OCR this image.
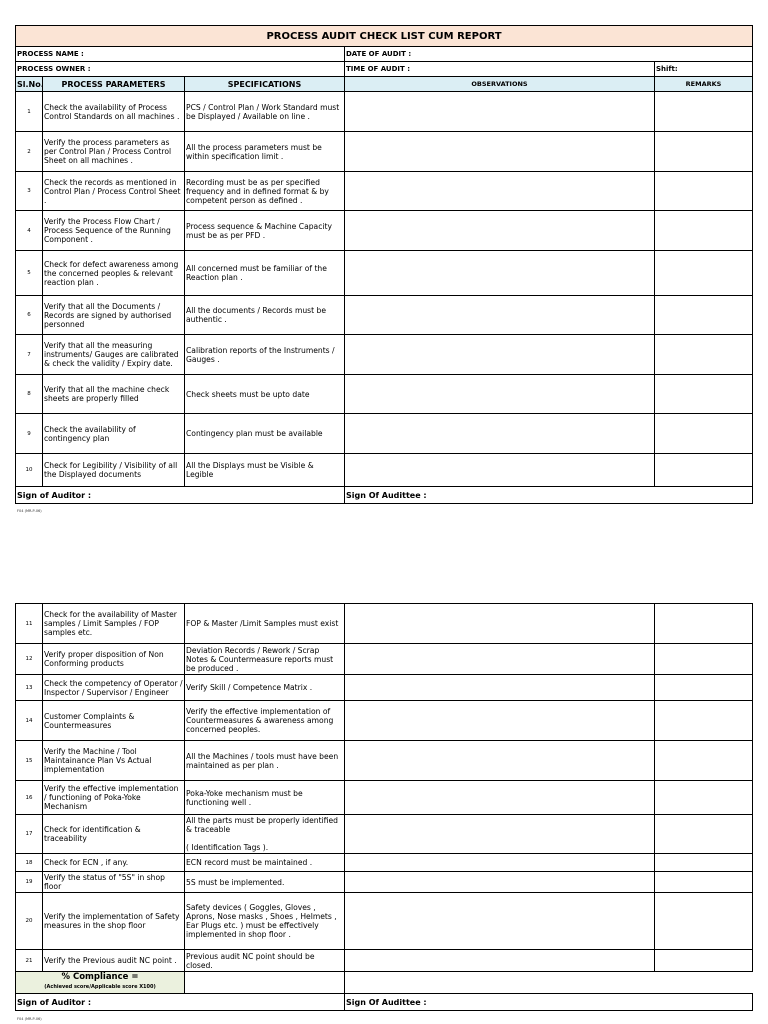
PROCESS AUDIT CHECK LIST CUM REPORT				
PROCESS NAME :			DATE OF AUDIT :	
PROCESS OWNER :			TIME OF AUDIT :	Shift:
Sl.No.	PROCESS PARAMETERS	SPECIFICATIONS	OBSERVATIONS	REMARKS
1	Check the availability of Process Control Standards on all machines .	PCS / Control Plan / Work Standard must be Displayed / Available on line .		
2	Verify the process parameters as per Control Plan / Process Control Sheet on all machines .	All the process parameters must be within specification limit .		
3	Check the records as mentioned in Control Plan / Process Control Sheet .	Recording must be as per specified frequency and in defined format & by competent person as defined .		
4	Verify the Process Flow Chart / Process Sequence of the Running Component .	Process sequence & Machine Capacity must be as per PFD .		
5	Check for defect awareness among the concerned peoples & relevant reaction plan .	All concerned must be familiar of the Reaction plan .		
6	Verify that all the Documents / Records are signed by authorised personned	All the documents / Records must be authentic .		
7	Verify that all the measuring instruments/ Gauges are calibrated & check the validity / Expiry date.	Calibration reports of the Instruments / Gauges .		
8	Verify that all the machine check sheets are properly filled	Check sheets must be upto date		
9	Check the availability of contingency plan	Contingency plan must be available		
10	Check for Legibility / Visibility of all the Displayed documents	All the Displays must be Visible & Legible		
Sign of Auditor :			Sign Of Audittee :	
F04 (MR-P-06)
11	Check for the availability of Master samples / Limit Samples / FOP samples etc.	FOP & Master /Limit Samples must exist		
12	Verify proper disposition of Non Conforming products	Deviation Records / Rework / Scrap Notes & Countermeasure reports must be produced .		
13	Check the competency of Operator / Inspector / Supervisor / Engineer	Verify Skill / Competence Matrix .		
14	Customer Complaints & Countermeasures	Verify the effective implementation of Countermeasures & awareness among concerned peoples.		
15	Verify the Machine / Tool Maintainance Plan Vs Actual implementation	All the Machines / tools must have been maintained as per plan .		
16	Verify the effective implementation / functioning of Poka-Yoke Mechanism	Poka-Yoke mechanism must be functioning well .		
17	Check for identification & traceability	All the parts must be properly identified & traceable

( Identification Tags ).		
18	Check for ECN , if any.	ECN record must be maintained .		
19	Verify the status of "5S" in shop floor	5S must be implemented.		
20	Verify the implementation of Safety measures in the shop floor	Safety devices ( Goggles, Gloves , Aprons, Nose masks , Shoes , Helmets , Ear Plugs etc. ) must be effectively implemented in shop floor .		
21	Verify the Previous audit NC point .	Previous audit NC point should be closed.		

% Compliance =
(Achieved score/Applicable score X100)				
Sign of Auditor :			Sign Of Audittee :	
F04 (MR-P-06)
